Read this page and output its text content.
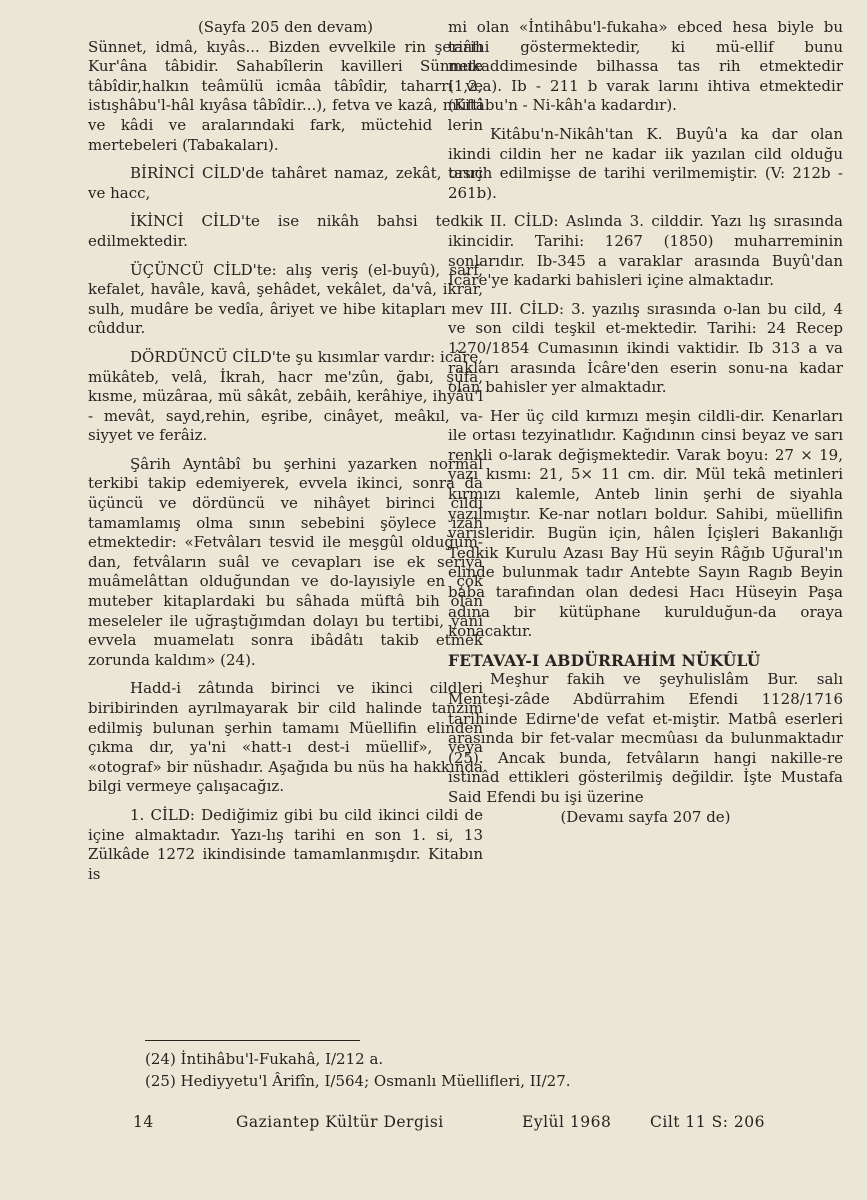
(Sayfa 205 den devam)

Sünnet, idmâ, kıyâs... Bizden evvelkile rin şeriâtı Kur'âna tâbidir. Sahabîlerin kavilleri Sünnete tâbîdir,halkın teâmülü icmâa tâbîdir, taharri ve istışhâbu'l-hâl kıyâsa tâbîdir...), fetva ve kazâ, müfti ve kâdi ve aralarındaki fark, müctehid lerin mertebeleri (Tabakaları).

BİRİNCİ CİLD'de tahâret namaz, zekât, oruç ve hacc,

İKİNCİ CİLD'te ise nikâh bahsi tedkik edilmektedir.

ÜÇÜNCÜ CİLD'te: alış veriş (el-buyû), sarf, kefalet, havâle, kavâ, şehâdet, vekâlet, da'vâ, ikrar, sulh, mudâre be vedîa, âriyet ve hibe kitapları mev cûddur.

DÖRDÜNCÜ CİLD'te şu kısımlar vardır: icâre, mükâteb, velâ, İkrah, hacr me'zûn, ğabı, şüfa, kısme, müzâraa, mü sâkât, zebâih, kerâhiye, ihyâu'l - mevât, sayd,rehin, eşribe, cinâyet, meâkıl, va-siyyet ve ferâiz.

Şârih Ayntâbî bu şerhini yazarken normal terkibi takip edemiyerek, evvela ikinci, sonra da üçüncü ve dördüncü ve nihâyet birinci cildi tamamlamış olma sının sebebini şöylece izah etmektedir: «Fetvâları tesvid ile meşgûl olduğum-dan, fetvâların suâl ve cevapları ise ek seriya muâmelâttan olduğundan ve do-layısiyle en çok muteber kitaplardaki bu sâhada müftâ bih olan meseleler ile uğraştığımdan dolayı bu tertibi, yani evvela muamelatı sonra ibâdâtı takib etmek zorunda kaldım» (24).

Hadd-i zâtında birinci ve ikinci cildleri biribirinden ayrılmayarak bir cild halinde tanzim edilmiş bulunan şerhin tamamı Müellifin elinden çıkma dır, ya'ni «hatt-ı dest-i müellif», veya «otograf» bir nüshadır. Aşağıda bu nüs ha hakkında bilgi vermeye çalışacağız.

1. CİLD: Dediğimiz gibi bu cild ikinci cildi de içine almaktadır. Yazı-lış tarihi en son 1. si, 13 Zülkâde 1272 ikindisinde tamamlanmışdır. Kitabın is

mi olan «İntihâbu'l-fukaha» ebced hesa biyle bu tarihi göstermektedir, ki mü-ellif bunu mukaddimesinde bilhassa tas rih etmektedir (1,2,a). Ib - 211 b varak larını ihtiva etmektedir (Kitâbu'n - Ni-kâh'a kadardır).

Kitâbu'n-Nikâh'tan K. Buyû'a ka dar olan ikindi cildin her ne kadar iik yazılan cild olduğu tasrih edilmişse de tarihi verilmemiştir. (V: 212b - 261b).

II. CİLD: Aslında 3. cilddir. Yazı lış sırasında ikincidir. Tarihi: 1267 (1850) muharreminin sonlarıdır. Ib-345 a varaklar arasında Buyû'dan İcâre'ye kadarki bahisleri içine almaktadır.

III. CİLD: 3. yazılış sırasında o-lan bu cild, 4 ve son cildi teşkil et-mektedir. Tarihi: 24 Recep 1270/1854 Cumasının ikindi vaktidir. Ib 313 a va rakları arasında İcâre'den eserin sonu-na kadar olan bahisler yer almaktadır.

Her üç cild kırmızı meşin cildli-dir. Kenarları ile ortası tezyinatlıdır. Kağıdının cinsi beyaz ve sarı renkli o-larak değişmektedir. Varak boyu: 27 × 19, yazı kısmı: 21, 5× 11 cm. dir. Mül tekâ metinleri kırmızı kalemle, Anteb linin şerhi de siyahla yazılmıştır. Ke-nar notları boldur. Sahibi, müellifin varisleridir. Bugün için, hâlen İçişleri Bakanlığı Tedkik Kurulu Azası Bay Hü seyin Râğıb Uğural'ın elinde bulunmak tadır Antebte Sayın Ragıb Beyin baba tarafından olan dedesi Hacı Hüseyin Paşa adına bir kütüphane kurulduğun-da oraya konacaktır.

FETAVAY-I ABDÜRRAHİM NÜKÛLÜ

Meşhur fakih ve şeyhulislâm Bur. salı Menteşi-zâde Abdürrahim Efendi 1128/1716 tarihinde Edirne'de vefat et-miştir. Matbâ eserleri arasında bir fet-valar mecmûası da bulunmaktadır (25). Ancak bunda, fetvâların hangi nakille-re istinâd ettikleri gösterilmiş değildir. İşte Mustafa Said Efendi bu işi üzerine

(Devamı sayfa 207 de)

(24) İntihâbu'l-Fukahâ, I/212 a.
(25) Hediyyetu'l Ârifîn, I/564; Osmanlı Müellifleri, II/27.
14	Gaziantep Kültür Dergisi	Eylül 1968 Cilt 11 S: 206
